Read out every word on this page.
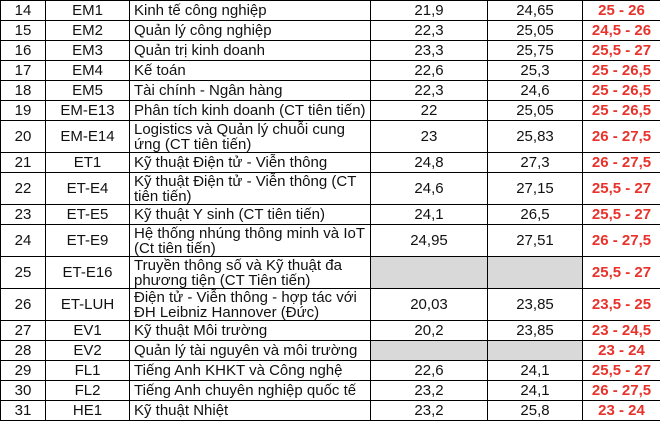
14	EM1	Kinh tế công nghiệp	21,9	24,65	25 - 26
15	EM2	Quản lý công nghiệp	22,3	25,05	24,5 - 26
16	EM3	Quản trị kinh doanh	23,3	25,75	25,5 - 27
17	EM4	Kế toán	22,6	25,3	25 - 26,5
18	EM5	Tài chính - Ngân hàng	22,3	24,6	25 - 26,5
19	EM-E13	Phân tích kinh doanh (CT tiên tiến)	22	25,05	25 - 26,5
20	EM-E14	Logistics và Quản lý chuỗi cung ứng (CT tiên tiến)	23	25,83	26 - 27,5
21	ET1	Kỹ thuật Điện tử - Viễn thông	24,8	27,3	26 - 27,5
22	ET-E4	Kỹ thuật Điện tử - Viễn thông (CT tiên tiến)	24,6	27,15	25,5 - 27
23	ET-E5	Kỹ thuật Y sinh (CT tiên tiến)	24,1	26,5	25,5 - 27
24	ET-E9	Hệ thống nhúng thông minh và IoT (Ct tiên tiến)	24,95	27,51	26 - 27,5
25	ET-E16	Truyền thông số và Kỹ thuật đa phương tiện (CT Tiên tiến)			25,5 - 27
26	ET-LUH	Điện tử - Viễn thông - hợp tác với ĐH Leibniz Hannover (Đức)	20,03	23,85	23,5 - 25
27	EV1	Kỹ thuật Môi trường	20,2	23,85	23 - 24,5
28	EV2	Quản lý tài nguyên và môi trường			23 - 24
29	FL1	Tiếng Anh KHKT và Công nghệ	22,6	24,1	25,5 - 27
30	FL2	Tiếng Anh chuyên nghiệp quốc tế	23,2	24,1	26 - 27,5
31	HE1	Kỹ thuật Nhiệt	23,2	25,8	23 - 24
